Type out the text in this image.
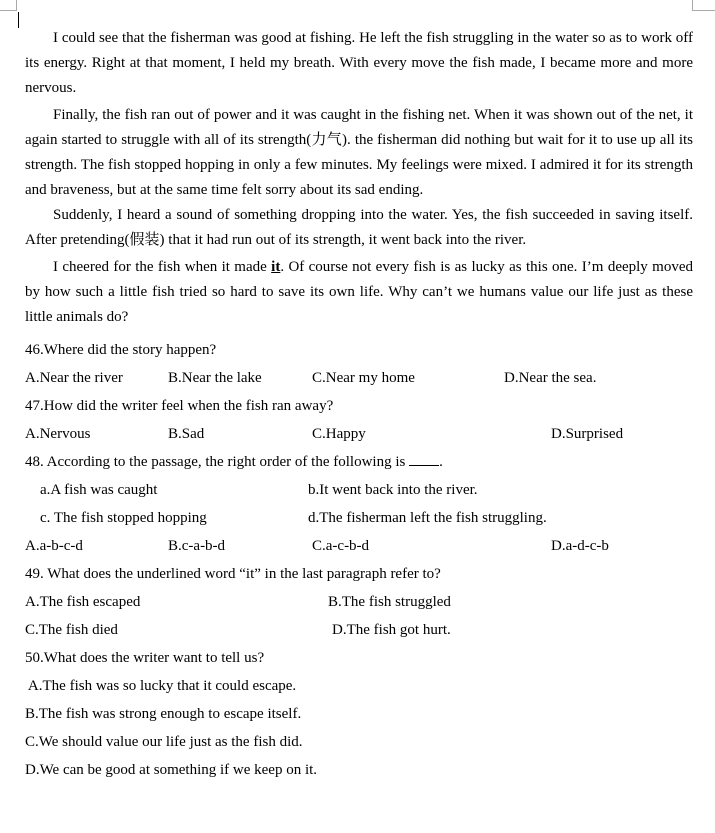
I could see that the fisherman was good at fishing. He left the fish struggling in the water so as to work off its energy. Right at that moment, I held my breath. With every move the fish made, I became more and more nervous.

Finally, the fish ran out of power and it was caught in the fishing net. When it was shown out of the net, it again started to struggle with all of its strength(力气). the fisherman did nothing but wait for it to use up all its strength. The fish stopped hopping in only a few minutes. My feelings were mixed. I admired it for its strength and braveness, but at the same time felt sorry about its sad ending.

Suddenly, I heard a sound of something dropping into the water. Yes, the fish succeeded in saving itself. After pretending(假装) that it had run out of its strength, it went back into the river.

I cheered for the fish when it made it. Of course not every fish is as lucky as this one. I’m deeply moved by how such a little fish tried so hard to save its own life. Why can’t we humans value our life just as these little animals do?

46.Where did the story happen?
A.Near the river	B.Near the lake	C.Near my home	D.Near the sea.
47.How did the writer feel when the fish ran away?
A.Nervous	B.Sad	C.Happy	D.Surprised
48. According to the passage, the right order of the following is .
a.A fish was caught	b.It went back into the river.
c. The fish stopped hopping	d.The fisherman left the fish struggling.
A.a-b-c-d	B.c-a-b-d	C.a-c-b-d	D.a-d-c-b
49. What does the underlined word “it” in the last paragraph refer to?
A.The fish escaped	B.The fish struggled
C.The fish died	D.The fish got hurt.
50.What does the writer want to tell us?
A.The fish was so lucky that it could escape.
B.The fish was strong enough to escape itself.
C.We should value our life just as the fish did.
D.We can be good at something if we keep on it.
